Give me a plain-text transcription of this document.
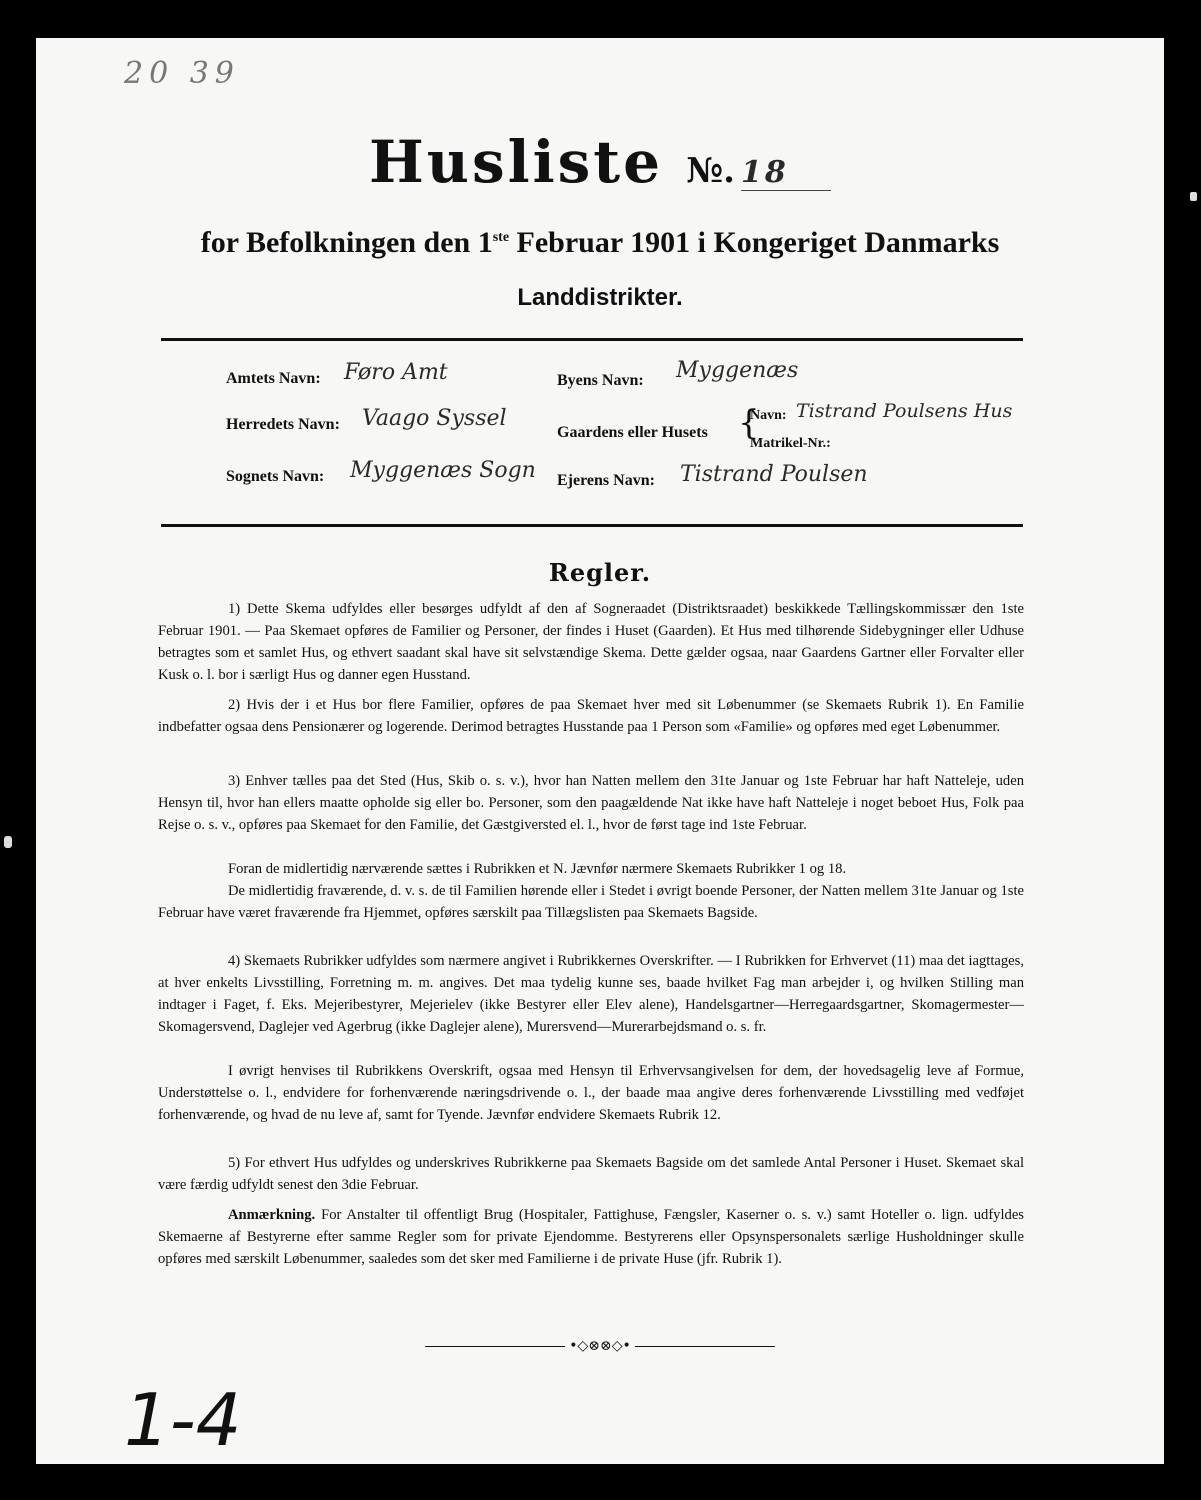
20 39
Husliste №. 18
for Befolkningen den 1ste Februar 1901 i Kongeriget Danmarks
Landdistrikter.
Amtets Navn: Føro Amt
Herredets Navn: Vaago Syssel
Sognets Navn: Myggenæs Sogn
Byens Navn: Myggenæs
Gaardens eller Husets {
Navn: Tistrand Poulsens Hus
Matrikel-Nr.:
Ejerens Navn: Tistrand Poulsen
Regler.
1) Dette Skema udfyldes eller besørges udfyldt af den af Sogneraadet (Distriktsraadet) beskikkede Tællingskommissær den 1ste Februar 1901. — Paa Skemaet opføres de Familier og Personer, der findes i Huset (Gaarden). Et Hus med tilhørende Sidebygninger eller Udhuse betragtes som et samlet Hus, og ethvert saadant skal have sit selvstændige Skema. Dette gælder ogsaa, naar Gaardens Gartner eller Forvalter eller Kusk o. l. bor i særligt Hus og danner egen Husstand.
2) Hvis der i et Hus bor flere Familier, opføres de paa Skemaet hver med sit Løbenummer (se Skemaets Rubrik 1). En Familie indbefatter ogsaa dens Pensionærer og logerende. Derimod betragtes Husstande paa 1 Person som «Familie» og opføres med eget Løbenummer.
3) Enhver tælles paa det Sted (Hus, Skib o. s. v.), hvor han Natten mellem den 31te Januar og 1ste Februar har haft Natteleje, uden Hensyn til, hvor han ellers maatte opholde sig eller bo. Personer, som den paagældende Nat ikke have haft Natteleje i noget beboet Hus, Folk paa Rejse o. s. v., opføres paa Skemaet for den Familie, det Gæstgiversted el. l., hvor de først tage ind 1ste Februar.
Foran de midlertidig nærværende sættes i Rubrikken et N. Jævnfør nærmere Skemaets Rubrikker 1 og 18.
De midlertidig fraværende, d. v. s. de til Familien hørende eller i Stedet i øvrigt boende Personer, der Natten mellem 31te Januar og 1ste Februar have været fraværende fra Hjemmet, opføres særskilt paa Tillægslisten paa Skemaets Bagside.
4) Skemaets Rubrikker udfyldes som nærmere angivet i Rubrikkernes Overskrifter. — I Rubrikken for Erhvervet (11) maa det iagttages, at hver enkelts Livsstilling, Forretning m. m. angives. Det maa tydelig kunne ses, baade hvilket Fag man arbejder i, og hvilken Stilling man indtager i Faget, f. Eks. Mejeribestyrer, Mejerielev (ikke Bestyrer eller Elev alene), Handelsgartner—Herregaardsgartner, Skomagermester—Skomagersvend, Daglejer ved Agerbrug (ikke Daglejer alene), Murersvend—Murerarbejdsmand o. s. fr.
I øvrigt henvises til Rubrikkens Overskrift, ogsaa med Hensyn til Erhvervsangivelsen for dem, der hovedsagelig leve af Formue, Understøttelse o. l., endvidere for forhenværende næringsdrivende o. l., der baade maa angive deres forhenværende Livsstilling med vedføjet forhenværende, og hvad de nu leve af, samt for Tyende. Jævnfør endvidere Skemaets Rubrik 12.
5) For ethvert Hus udfyldes og underskrives Rubrikkerne paa Skemaets Bagside om det samlede Antal Personer i Huset. Skemaet skal være færdig udfyldt senest den 3die Februar.
Anmærkning. For Anstalter til offentligt Brug (Hospitaler, Fattighuse, Fængsler, Kaserner o. s. v.) samt Hoteller o. lign. udfyldes Skemaerne af Bestyrerne efter samme Regler som for private Ejendomme. Bestyrerens eller Opsynspersonalets særlige Husholdninger skulle opføres med særskilt Løbenummer, saaledes som det sker med Familierne i de private Huse (jfr. Rubrik 1).
•◇⊗⊗◇•
1-4
